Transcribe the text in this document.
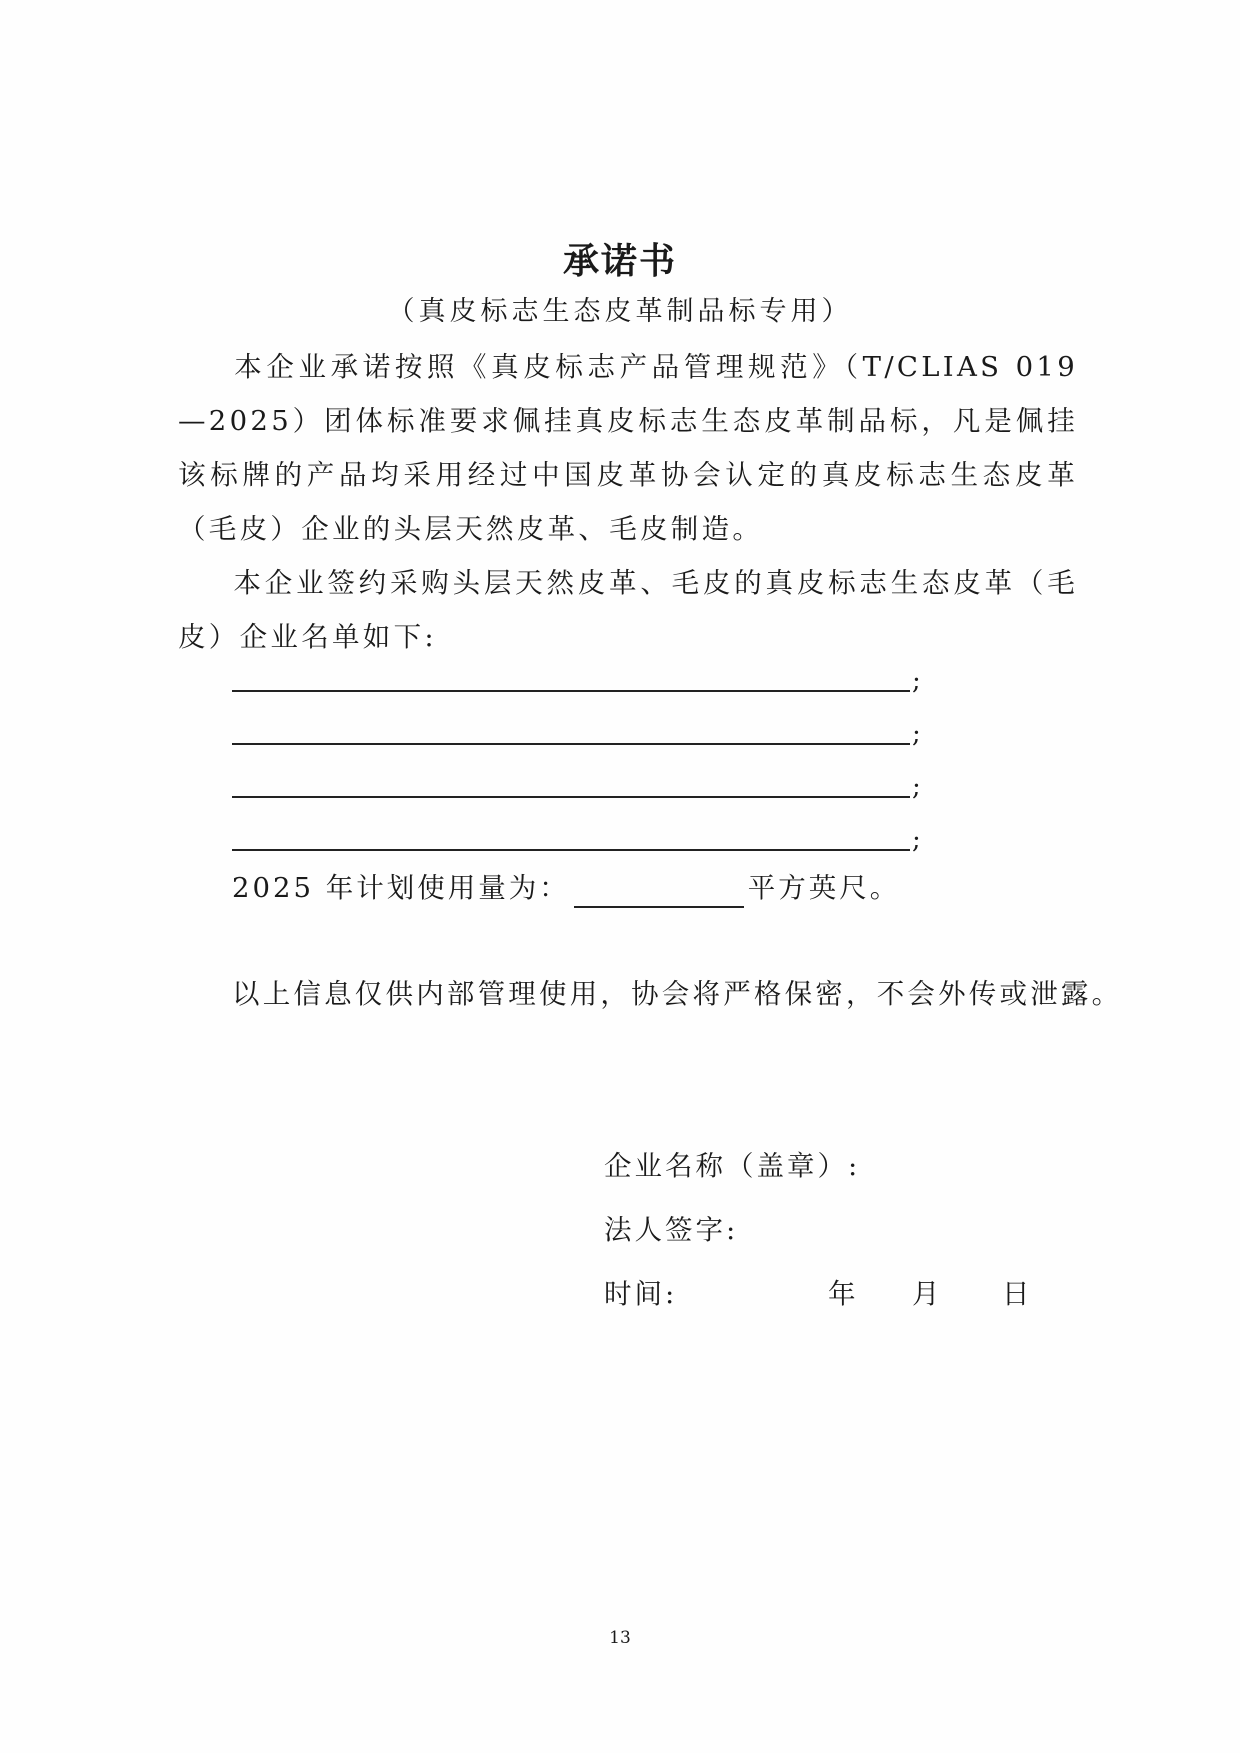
承诺书
（真皮标志生态皮革制品标专用）
本企业承诺按照《真皮标志产品管理规范》（T/CLIAS 019—2025）团体标准要求佩挂真皮标志生态皮革制品标，凡是佩挂该标牌的产品均采用经过中国皮革协会认定的真皮标志生态皮革（毛皮）企业的头层天然皮革、毛皮制造。
本企业签约采购头层天然皮革、毛皮的真皮标志生态皮革（毛皮）企业名单如下:
;
;
;
;
2025 年计划使用量为：	平方英尺。
以上信息仅供内部管理使用，协会将严格保密，不会外传或泄露。
企业名称（盖章）:
法人签字:
时间:	年 月 日
13
